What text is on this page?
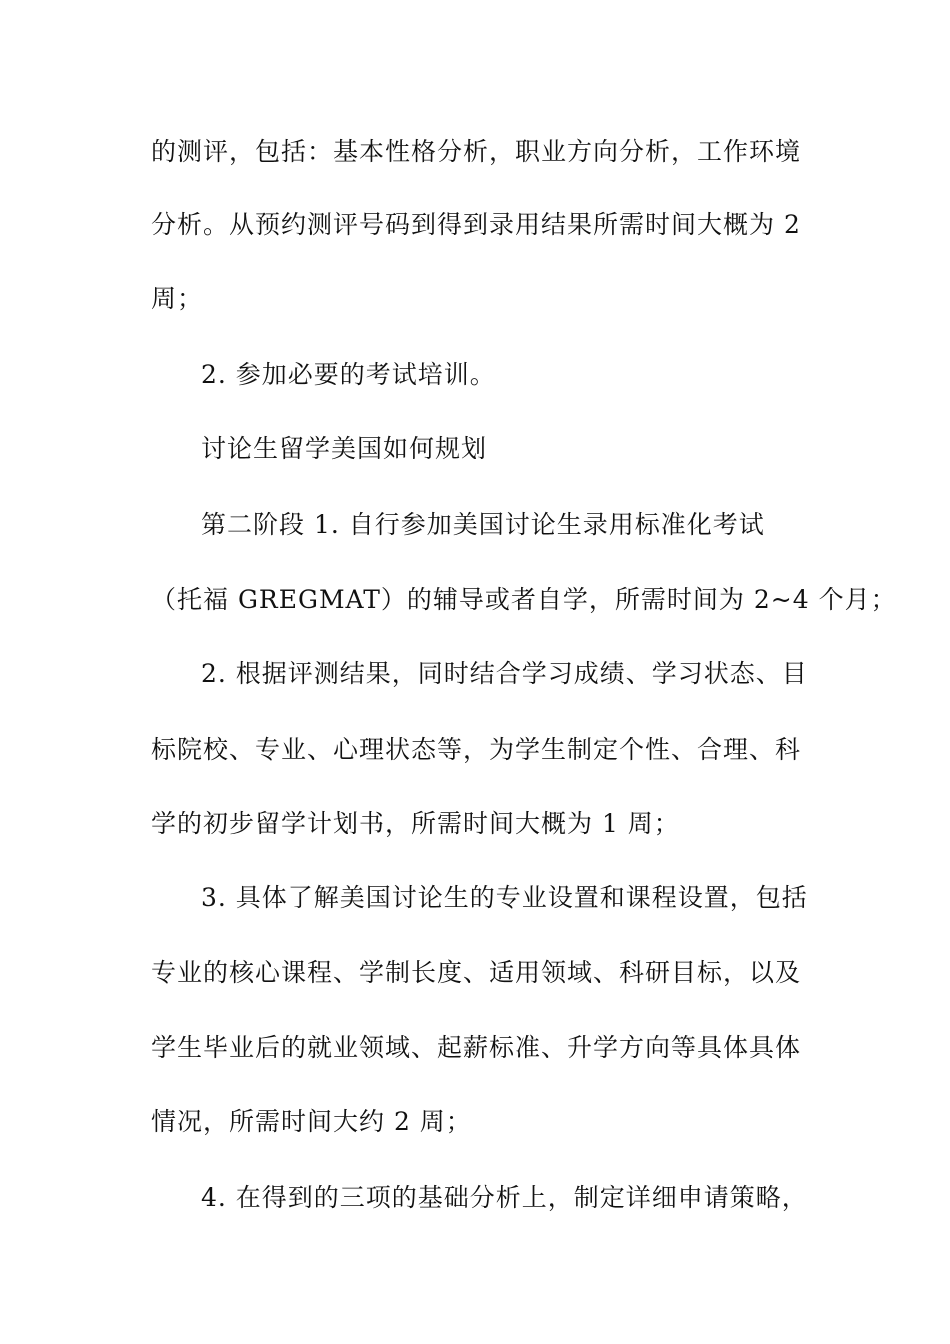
的测评，包括：基本性格分析，职业方向分析，工作环境
分析。从预约测评号码到得到录用结果所需时间大概为 2
周；
2. 参加必要的考试培训。
讨论生留学美国如何规划
第二阶段 1. 自行参加美国讨论生录用标准化考试
（托福 GREGMAT）的辅导或者自学，所需时间为 2~4 个月；
2. 根据评测结果，同时结合学习成绩、学习状态、目
标院校、专业、心理状态等，为学生制定个性、合理、科
学的初步留学计划书，所需时间大概为 1 周；
3. 具体了解美国讨论生的专业设置和课程设置，包括
专业的核心课程、学制长度、适用领域、科研目标，以及
学生毕业后的就业领域、起薪标准、升学方向等具体具体
情况，所需时间大约 2 周；
4. 在得到的三项的基础分析上，制定详细申请策略，
